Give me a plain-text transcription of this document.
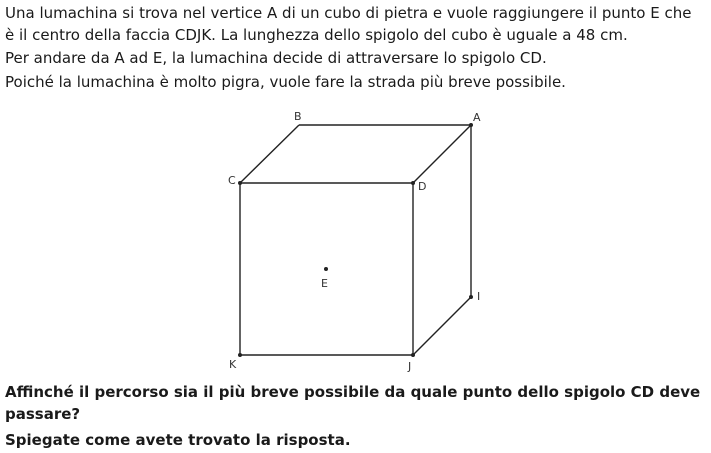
Una lumachina si trova nel vertice A di un cubo di pietra e vuole raggiungere il punto E che

è il centro della faccia CDJK. La lunghezza dello spigolo del cubo è uguale a 48 cm.

Per andare da A ad E, la lumachina decide di attraversare lo spigolo CD.

Poiché la lumachina è molto pigra, vuole fare la strada più breve possibile.

B	A
C	D
E
I
K	J

Affinché il percorso sia il più breve possibile da quale punto dello spigolo CD deve

passare?

Spiegate come avete trovato la risposta.
